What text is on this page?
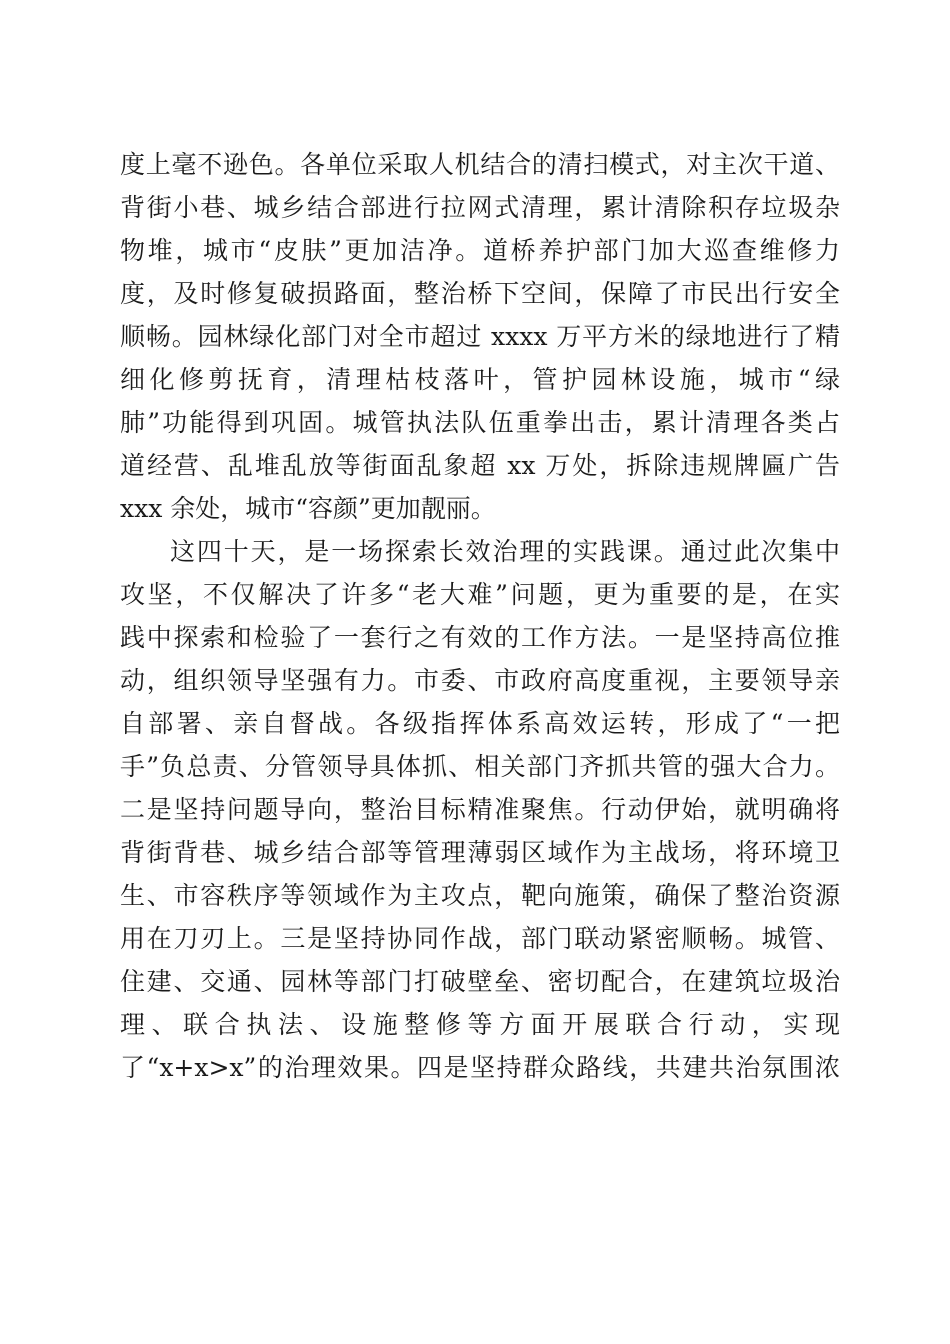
度上毫不逊色。各单位采取人机结合的清扫模式，对主次干道、
背街小巷、城乡结合部进行拉网式清理，累计清除积存垃圾杂
物堆，城市“皮肤”更加洁净。道桥养护部门加大巡查维修力
度，及时修复破损路面，整治桥下空间，保障了市民出行安全
顺畅。园林绿化部门对全市超过 xxxx 万平方米的绿地进行了精
细化修剪抚育，清理枯枝落叶，管护园林设施，城市“绿
肺”功能得到巩固。城管执法队伍重拳出击，累计清理各类占
道经营、乱堆乱放等街面乱象超 xx 万处，拆除违规牌匾广告
xxx 余处，城市“容颜”更加靓丽。
这四十天，是一场探索长效治理的实践课。通过此次集中
攻坚，不仅解决了许多“老大难”问题，更为重要的是，在实
践中探索和检验了一套行之有效的工作方法。一是坚持高位推
动，组织领导坚强有力。市委、市政府高度重视，主要领导亲
自部署、亲自督战。各级指挥体系高效运转，形成了“一把
手”负总责、分管领导具体抓、相关部门齐抓共管的强大合力。
二是坚持问题导向，整治目标精准聚焦。行动伊始，就明确将
背街背巷、城乡结合部等管理薄弱区域作为主战场，将环境卫
生、市容秩序等领域作为主攻点，靶向施策，确保了整治资源
用在刀刃上。三是坚持协同作战，部门联动紧密顺畅。城管、
住建、交通、园林等部门打破壁垒、密切配合，在建筑垃圾治
理、联合执法、设施整修等方面开展联合行动，实现
了“x+x>x”的治理效果。四是坚持群众路线，共建共治氛围浓
